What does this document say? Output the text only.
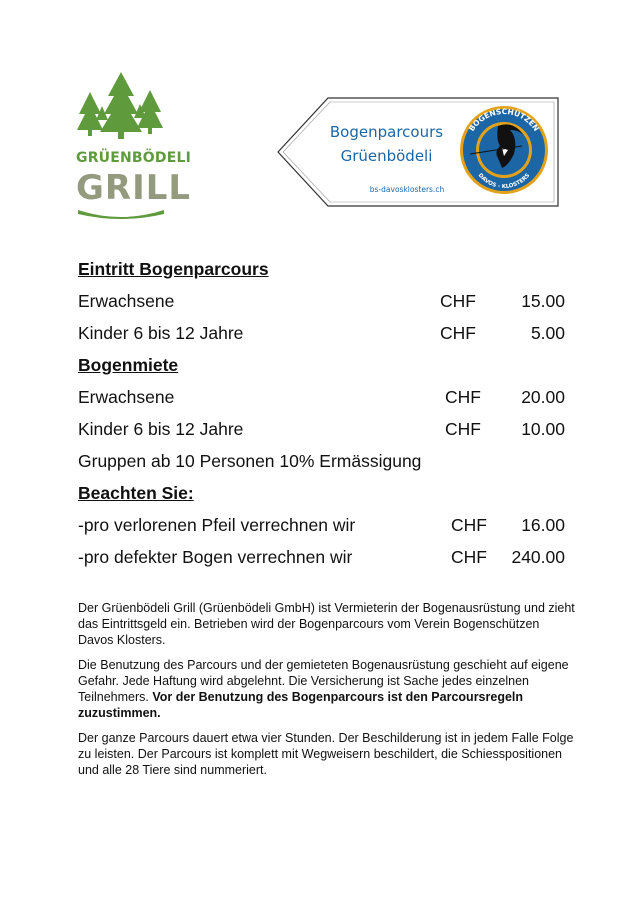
GRÜENBÖDELI
GRILL
Bogenparcours
Grüenbödeli
bs-davosklosters.ch
BOGENSCHÜTZEN
DAVOS - KLOSTERS
Eintritt Bogenparcours
Erwachsene	CHF	15.00
Kinder 6 bis 12 Jahre	CHF	5.00
Bogenmiete
Erwachsene	CHF 20.00
Kinder 6 bis 12 Jahre	CHF 10.00
Gruppen ab 10 Personen 10% Ermässigung
Beachten Sie:
-pro verlorenen Pfeil verrechnen wir	CHF 16.00
-pro defekter Bogen verrechnen wir	CHF 240.00

Der Grüenbödeli Grill (Grüenbödeli GmbH) ist Vermieterin der Bogenausrüstung und zieht das Eintrittsgeld ein. Betrieben wird der Bogenparcours vom Verein Bogenschützen Davos Klosters.

Die Benutzung des Parcours und der gemieteten Bogenausrüstung geschieht auf eigene Gefahr. Jede Haftung wird abgelehnt. Die Versicherung ist Sache jedes einzelnen Teilnehmers. Vor der Benutzung des Bogenparcours ist den Parcoursregeln zuzustimmen.

Der ganze Parcours dauert etwa vier Stunden. Der Beschilderung ist in jedem Falle Folge zu leisten. Der Parcours ist komplett mit Wegweisern beschildert, die Schiesspositionen und alle 28 Tiere sind nummeriert.
